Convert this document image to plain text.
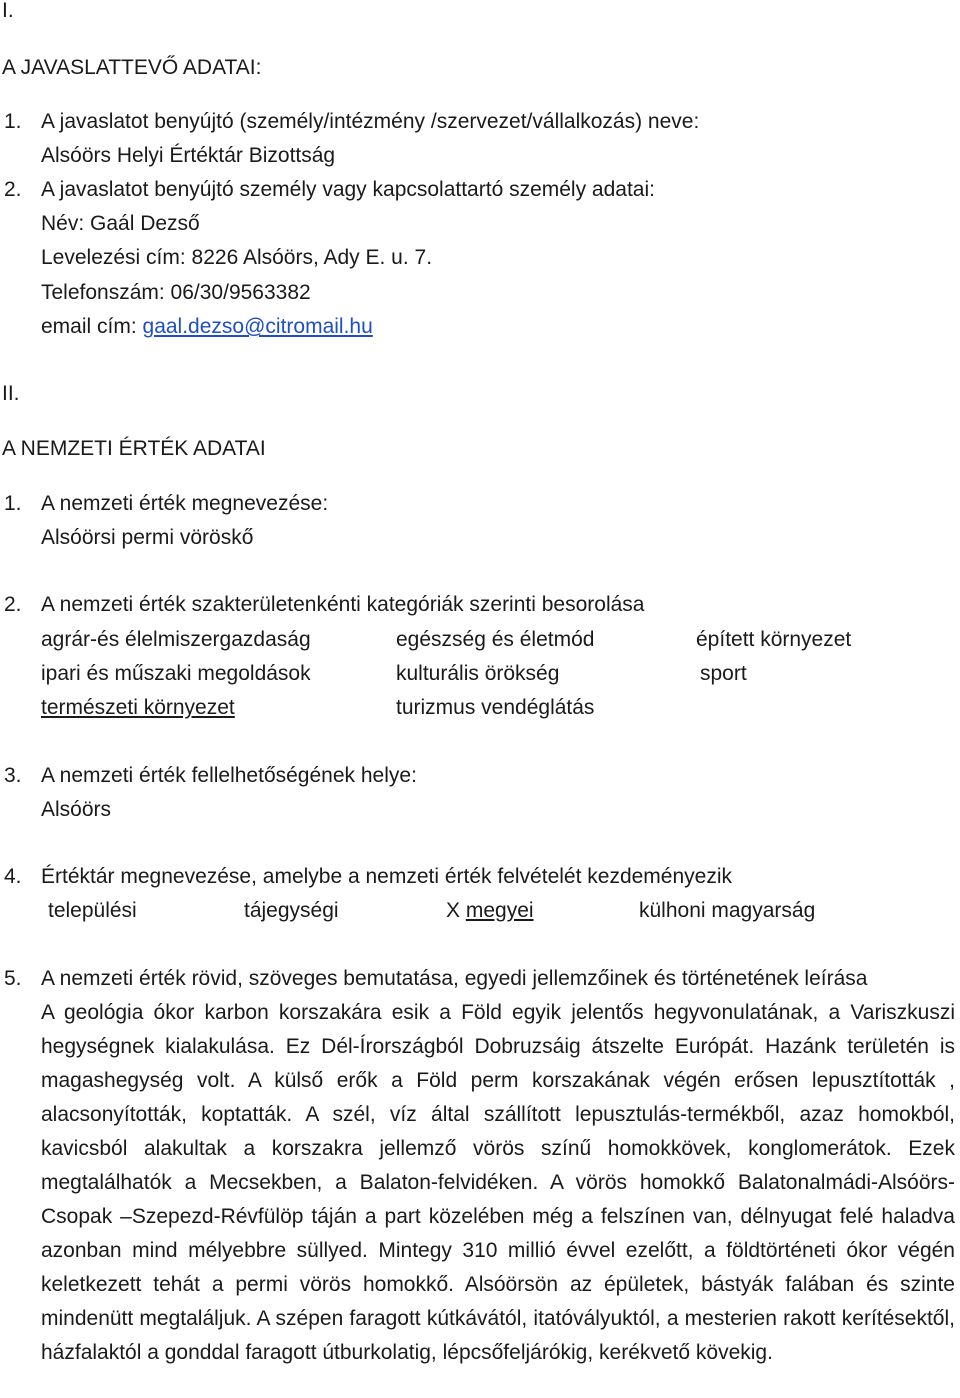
I.
A JAVASLATTEVŐ ADATAI:
1. A javaslatot benyújtó (személy/intézmény /szervezet/vállalkozás) neve:
Alsóörs Helyi Értéktár Bizottság
2. A javaslatot benyújtó személy vagy kapcsolattartó személy adatai:
Név: Gaál Dezső
Levelezési cím: 8226 Alsóörs, Ady E. u. 7.
Telefonszám: 06/30/9563382
email cím: gaal.dezso@citromail.hu
II.
A NEMZETI ÉRTÉK ADATAI
1. A nemzeti érték megnevezése:
Alsóörsi permi vöröskő
2. A nemzeti érték szakterületenkénti kategóriák szerinti besorolása
agrár-és élelmiszergazdaság	egészség és életmód	épített környezet
ipari és műszaki megoldások	kulturális örökség	sport
természeti környezet	turizmus vendéglátás
3. A nemzeti érték fellelhetőségének helye:
Alsóörs
4. Értéktár megnevezése, amelybe a nemzeti érték felvételét kezdeményezik
települési	tájegységi	X megyei	külhoni magyarság
5. A nemzeti érték rövid, szöveges bemutatása, egyedi jellemzőinek és történetének leírása
A geológia ókor karbon korszakára esik a Föld egyik jelentős hegyvonulatának, a Variszkuszi hegységnek kialakulása. Ez Dél-Írországból Dobruzsáig átszelte Európát. Hazánk területén is magashegység volt. A külső erők a Föld perm korszakának végén erősen lepusztították , alacsonyították, koptatták. A szél, víz által szállított lepusztulás-termékből, azaz homokból, kavicsból alakultak a korszakra jellemző vörös színű homokkövek, konglomerátok. Ezek megtalálhatók a Mecsekben, a Balaton-felvidéken. A vörös homokkő Balatonalmádi-Alsóörs-Csopak –Szepezd-Révfülöp táján a part közelében még a felszínen van, délnyugat felé haladva azonban mind mélyebbre süllyed. Mintegy 310 millió évvel ezelőtt, a földtörténeti ókor végén keletkezett tehát a permi vörös homokkő. Alsóörsön az épületek, bástyák falában és szinte mindenütt megtaláljuk. A szépen faragott kútkávától, itatóvályuktól, a mesterien rakott kerítésektől, házfalaktól a gonddal faragott útburkolatig, lépcsőfeljárókig, kerékvető kövekig.
